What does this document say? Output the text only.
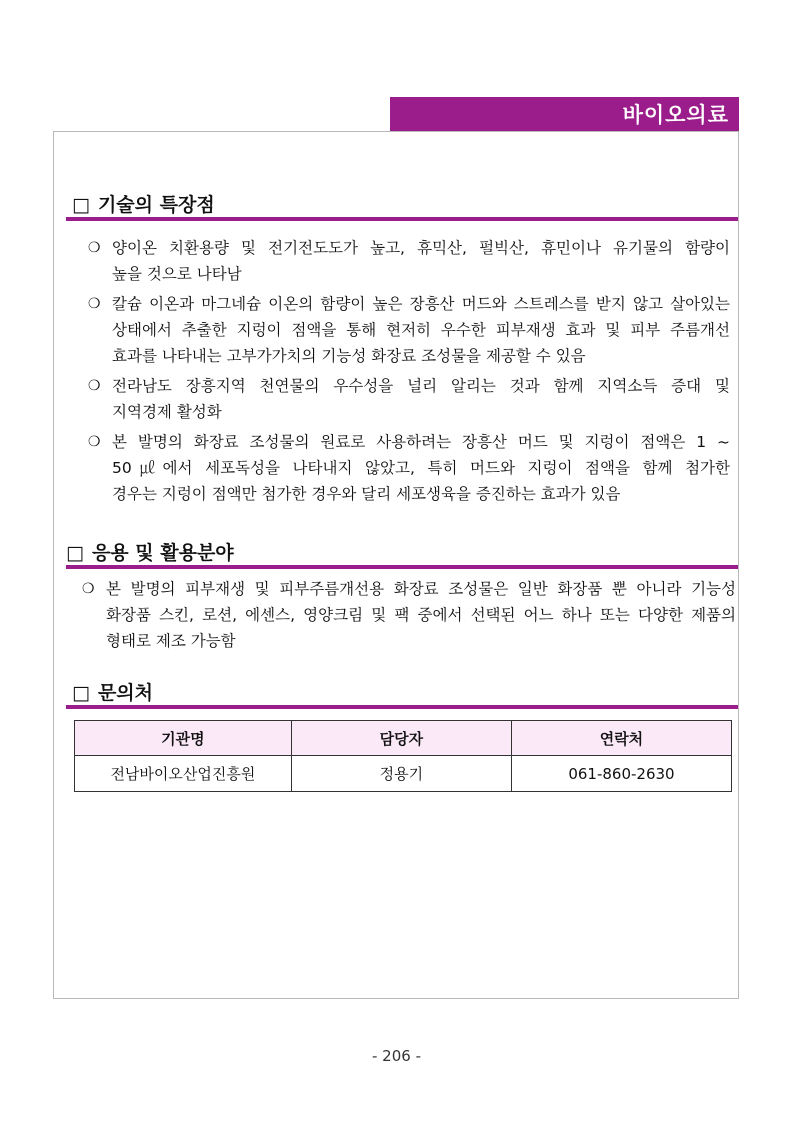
바이오의료
□ 기술의 특장점
❍ 양이온 치환용량 및 전기전도도가 높고, 휴믹산, 펄빅산, 휴민이나 유기물의 함량이
높을 것으로 나타남
❍ 칼슘 이온과 마그네슘 이온의 함량이 높은 장흥산 머드와 스트레스를 받지 않고 살아있는
상태에서 추출한 지렁이 점액을 통해 현저히 우수한 피부재생 효과 및 피부 주름개선
효과를 나타내는 고부가가치의 기능성 화장료 조성물을 제공할 수 있음
❍ 전라남도 장흥지역 천연물의 우수성을 널리 알리는 것과 함께 지역소득 증대 및
지역경제 활성화
❍ 본 발명의 화장료 조성물의 원료로 사용하려는 장흥산 머드 및 지렁이 점액은 1 ~
50㎕에서 세포독성을 나타내지 않았고, 특히 머드와 지렁이 점액을 함께 첨가한
경우는 지렁이 점액만 첨가한 경우와 달리 세포생육을 증진하는 효과가 있음
□ 응용 및 활용분야
❍ 본 발명의 피부재생 및 피부주름개선용 화장료 조성물은 일반 화장품 뿐 아니라 기능성
화장품 스킨, 로션, 에센스, 영양크림 및 팩 중에서 선택된 어느 하나 또는 다양한 제품의
형태로 제조 가능함
□ 문의처
기관명	담당자	연락처
전남바이오산업진흥원	정용기	061-860-2630
- 206 -
